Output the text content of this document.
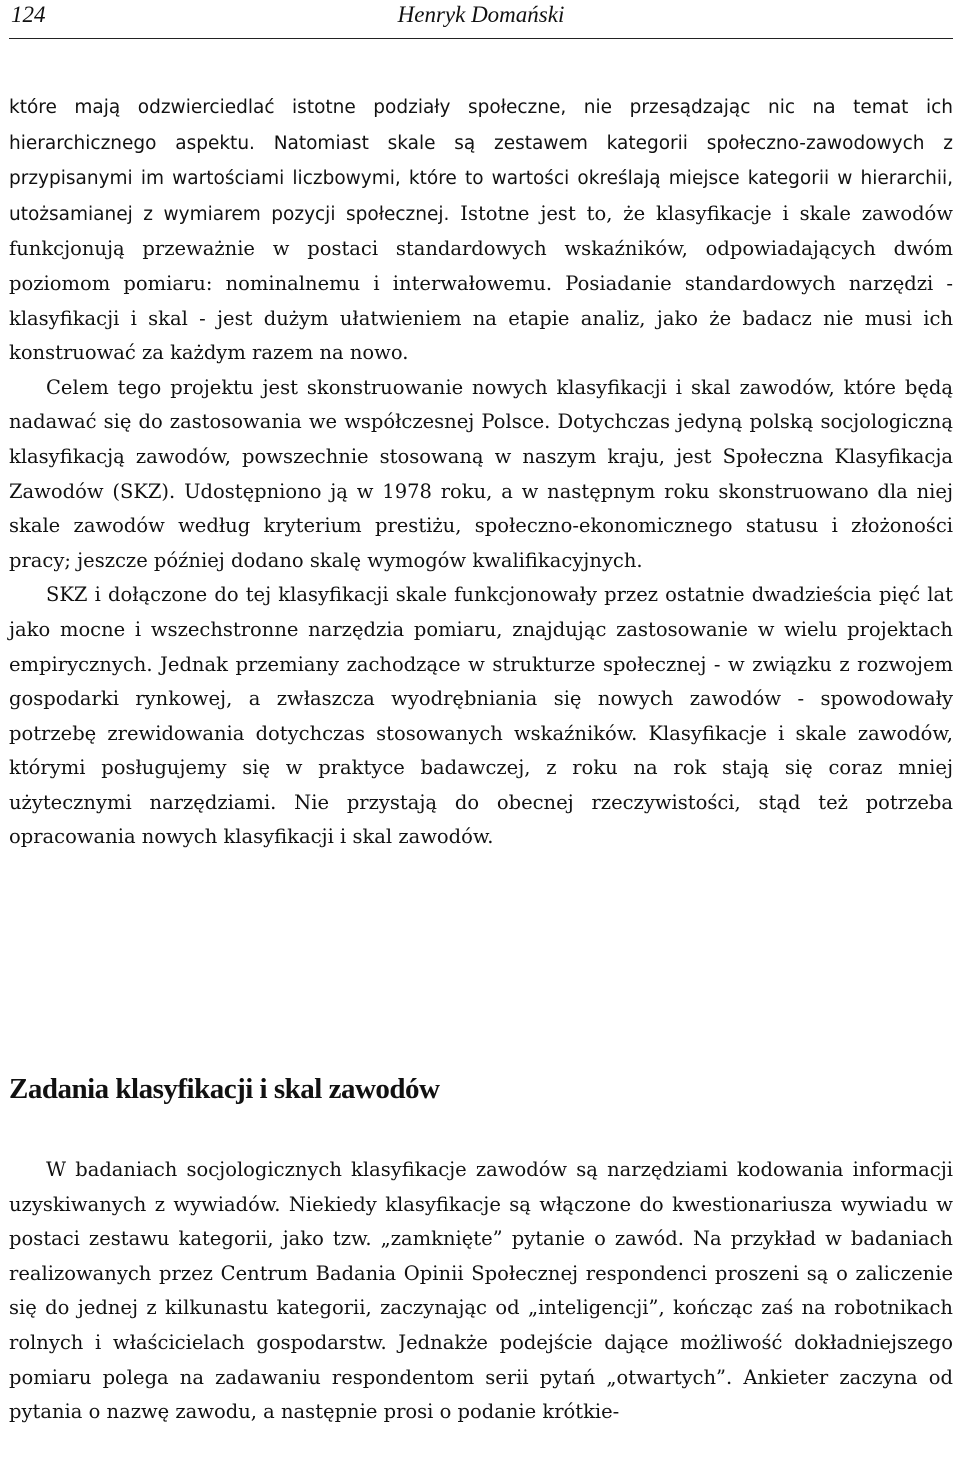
124	Henryk Domański

które mają odzwierciedlać istotne podziały społeczne, nie przesądzając nic na temat ich hierarchicznego aspektu. Natomiast skale są zestawem kategorii społeczno-zawodowych z przypisanymi im wartościami liczbowymi, które to wartości określają miejsce kategorii w hierarchii, utożsamianej z wymiarem pozycji społecznej. Istotne jest to, że klasyfikacje i skale zawodów funkcjonują przeważnie w postaci standardowych wskaźników, odpowiadających dwóm poziomom pomiaru: nominalnemu i interwałowemu. Posiadanie standardowych narzędzi - klasyfikacji i skal - jest dużym ułatwieniem na etapie analiz, jako że badacz nie musi ich konstruować za każdym razem na nowo.

Celem tego projektu jest skonstruowanie nowych klasyfikacji i skal zawodów, które będą nadawać się do zastosowania we współczesnej Polsce. Dotychczas jedyną polską socjologiczną klasyfikacją zawodów, powszechnie stosowaną w naszym kraju, jest Społeczna Klasyfikacja Zawodów (SKZ). Udostępniono ją w 1978 roku, a w następnym roku skonstruowano dla niej skale zawodów według kryterium prestiżu, społeczno-ekonomicznego statusu i złożoności pracy; jeszcze później dodano skalę wymogów kwalifikacyjnych.

SKZ i dołączone do tej klasyfikacji skale funkcjonowały przez ostatnie dwadzieścia pięć lat jako mocne i wszechstronne narzędzia pomiaru, znajdując zastosowanie w wielu projektach empirycznych. Jednak przemiany zachodzące w strukturze społecznej - w związku z rozwojem gospodarki rynkowej, a zwłaszcza wyodrębniania się nowych zawodów - spowodowały potrzebę zrewidowania dotychczas stosowanych wskaźników. Klasyfikacje i skale zawodów, którymi posługujemy się w praktyce badawczej, z roku na rok stają się coraz mniej użytecznymi narzędziami. Nie przystają do obecnej rzeczywistości, stąd też potrzeba opracowania nowych klasyfikacji i skal zawodów.

Zadania klasyfikacji i skal zawodów

W badaniach socjologicznych klasyfikacje zawodów są narzędziami kodowania informacji uzyskiwanych z wywiadów. Niekiedy klasyfikacje są włączone do kwestionariusza wywiadu w postaci zestawu kategorii, jako tzw. „zamknięte” pytanie o zawód. Na przykład w badaniach realizowanych przez Centrum Badania Opinii Społecznej respondenci proszeni są o zaliczenie się do jednej z kilkunastu kategorii, zaczynając od „inteligencji”, kończąc zaś na robotnikach rolnych i właścicielach gospodarstw. Jednakże podejście dające możliwość dokładniejszego pomiaru polega na zadawaniu respondentom serii pytań „otwartych”. Ankieter zaczyna od pytania o nazwę zawodu, a następnie prosi o podanie krótkie-
